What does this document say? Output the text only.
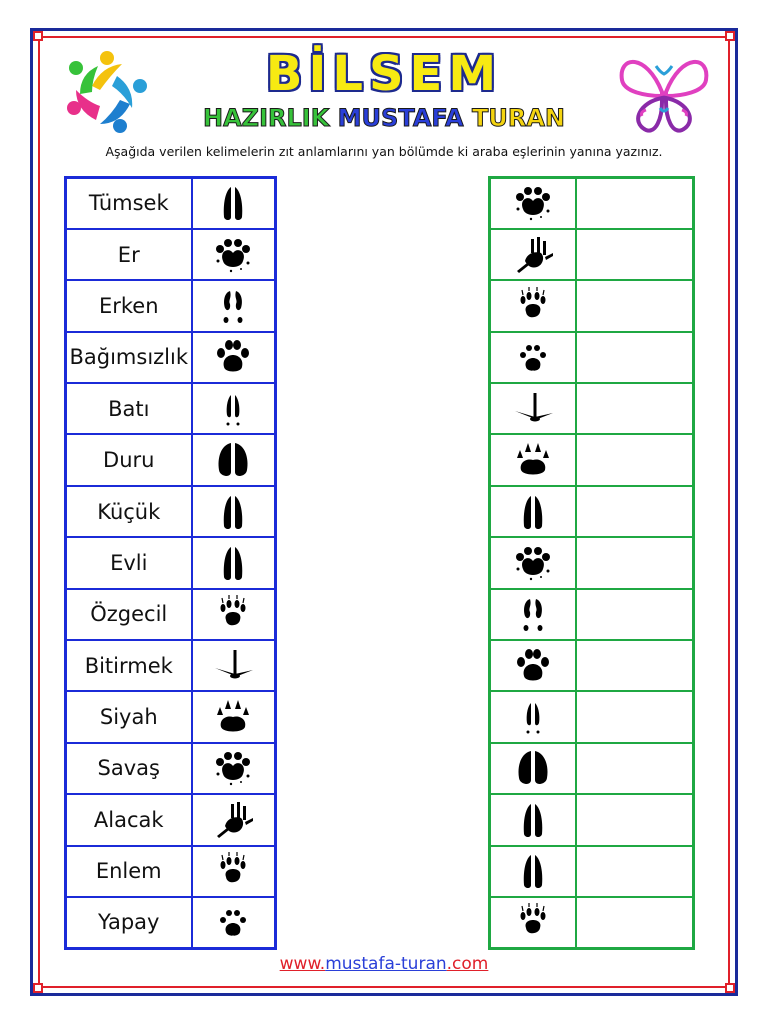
BİLSEM
HAZIRLIK MUSTAFA TURAN
Aşağıda verilen kelimelerin zıt anlamlarını yan bölümde ki araba eşlerinin yanına yazınız.
Tümsek	

Er	

Erken	

Bağımsızlık	

Batı	

Duru	

Küçük	

Evli	

Özgecil	

Bitirmek	

Siyah	

Savaş	

Alacak	

Enlem	

Yapay	

www.mustafa-turan.com
